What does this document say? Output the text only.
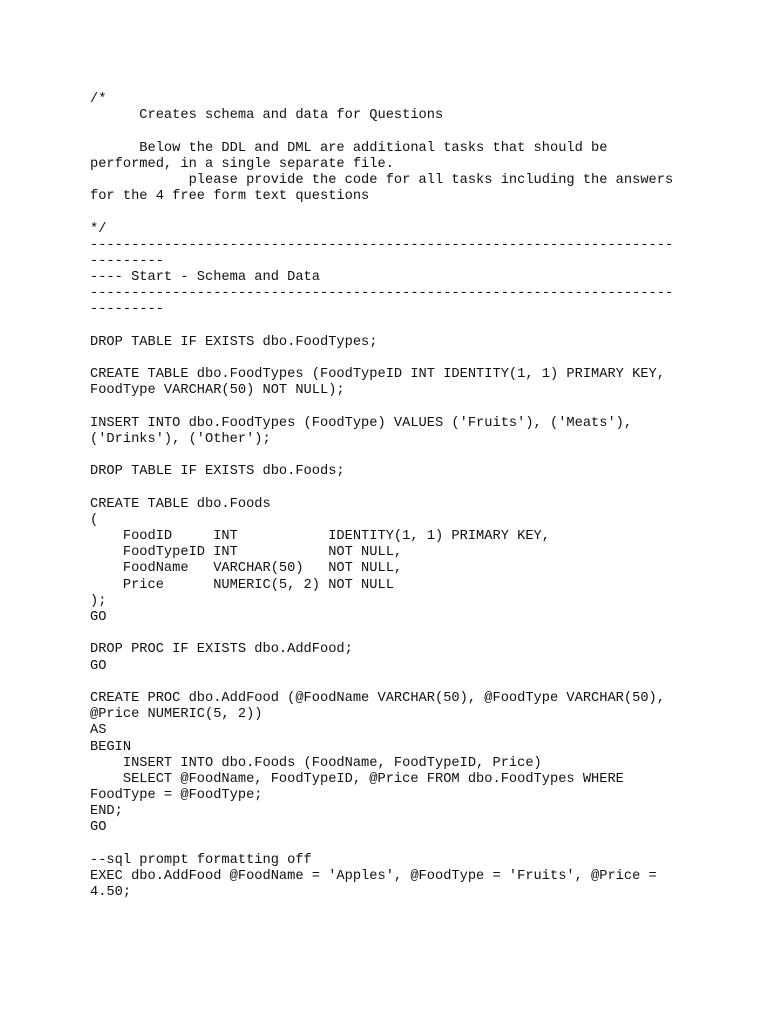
/*
Creates schema and data for Questions
Below the DDL and DML are additional tasks that should be
performed, in a single separate file.
please provide the code for all tasks including the answers
for the 4 free form text questions
*/
-----------------------------------------------------------------------
---------
---- Start - Schema and Data
-----------------------------------------------------------------------
---------
DROP TABLE IF EXISTS dbo.FoodTypes;
CREATE TABLE dbo.FoodTypes (FoodTypeID INT IDENTITY(1, 1) PRIMARY KEY,
FoodType VARCHAR(50) NOT NULL);
INSERT INTO dbo.FoodTypes (FoodType) VALUES ('Fruits'), ('Meats'),
('Drinks'), ('Other');
DROP TABLE IF EXISTS dbo.Foods;
CREATE TABLE dbo.Foods
(
FoodID     INT           IDENTITY(1, 1) PRIMARY KEY,
FoodTypeID INT           NOT NULL,
FoodName   VARCHAR(50)   NOT NULL,
Price      NUMERIC(5, 2) NOT NULL
);
GO
DROP PROC IF EXISTS dbo.AddFood;
GO
CREATE PROC dbo.AddFood (@FoodName VARCHAR(50), @FoodType VARCHAR(50),
@Price NUMERIC(5, 2))
AS
BEGIN
INSERT INTO dbo.Foods (FoodName, FoodTypeID, Price)
SELECT @FoodName, FoodTypeID, @Price FROM dbo.FoodTypes WHERE
FoodType = @FoodType;
END;
GO
--sql prompt formatting off
EXEC dbo.AddFood @FoodName = 'Apples', @FoodType = 'Fruits', @Price =
4.50;
